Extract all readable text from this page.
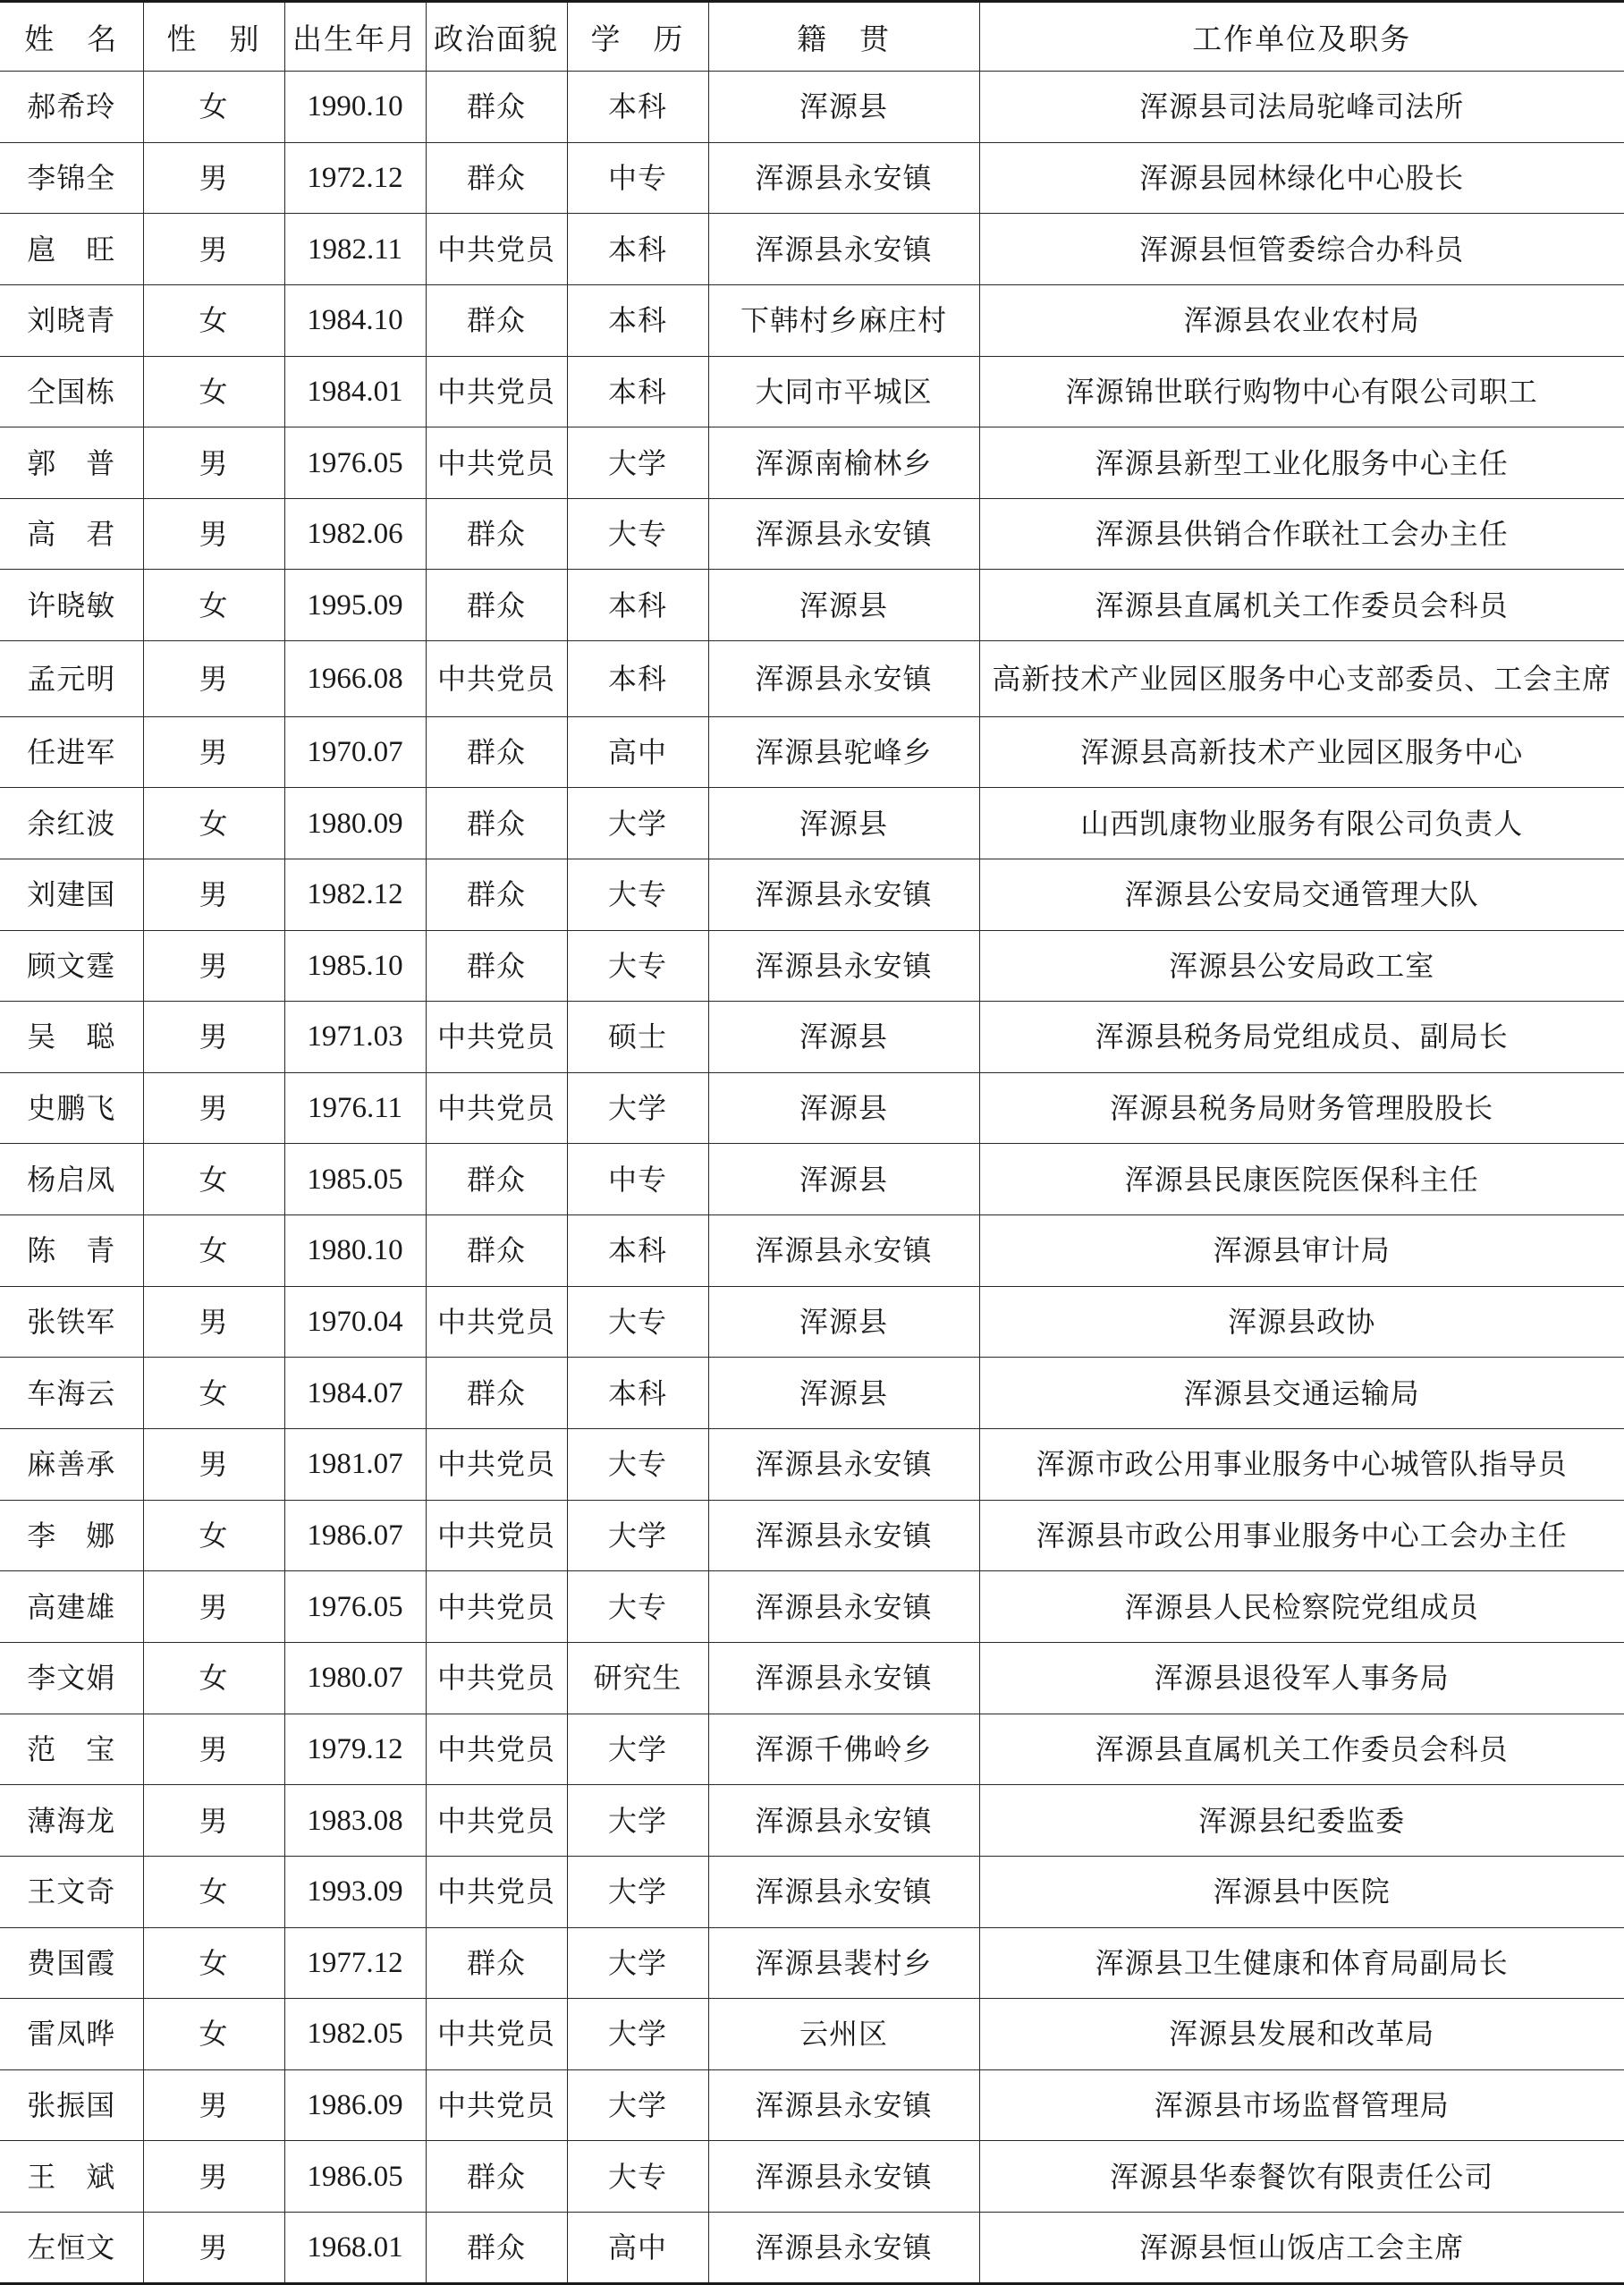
姓　名	性　别	出生年月	政治面貌	学　历	籍　贯	工作单位及职务
郝希玲	女	1990.10	群众	本科	浑源县	浑源县司法局驼峰司法所
李锦全	男	1972.12	群众	中专	浑源县永安镇	浑源县园林绿化中心股长
扈　旺	男	1982.11	中共党员	本科	浑源县永安镇	浑源县恒管委综合办科员
刘晓青	女	1984.10	群众	本科	下韩村乡麻庄村	浑源县农业农村局
仝国栋	女	1984.01	中共党员	本科	大同市平城区	浑源锦世联行购物中心有限公司职工
郭　普	男	1976.05	中共党员	大学	浑源南榆林乡	浑源县新型工业化服务中心主任
高　君	男	1982.06	群众	大专	浑源县永安镇	浑源县供销合作联社工会办主任
许晓敏	女	1995.09	群众	本科	浑源县	浑源县直属机关工作委员会科员
孟元明	男	1966.08	中共党员	本科	浑源县永安镇	高新技术产业园区服务中心支部委员、工会主席
任进军	男	1970.07	群众	高中	浑源县驼峰乡	浑源县高新技术产业园区服务中心
余红波	女	1980.09	群众	大学	浑源县	山西凯康物业服务有限公司负责人
刘建国	男	1982.12	群众	大专	浑源县永安镇	浑源县公安局交通管理大队
顾文霆	男	1985.10	群众	大专	浑源县永安镇	浑源县公安局政工室
吴　聪	男	1971.03	中共党员	硕士	浑源县	浑源县税务局党组成员、副局长
史鹏飞	男	1976.11	中共党员	大学	浑源县	浑源县税务局财务管理股股长
杨启凤	女	1985.05	群众	中专	浑源县	浑源县民康医院医保科主任
陈　青	女	1980.10	群众	本科	浑源县永安镇	浑源县审计局
张铁军	男	1970.04	中共党员	大专	浑源县	浑源县政协
车海云	女	1984.07	群众	本科	浑源县	浑源县交通运输局
麻善承	男	1981.07	中共党员	大专	浑源县永安镇	浑源市政公用事业服务中心城管队指导员
李　娜	女	1986.07	中共党员	大学	浑源县永安镇	浑源县市政公用事业服务中心工会办主任
高建雄	男	1976.05	中共党员	大专	浑源县永安镇	浑源县人民检察院党组成员
李文娟	女	1980.07	中共党员	研究生	浑源县永安镇	浑源县退役军人事务局
范　宝	男	1979.12	中共党员	大学	浑源千佛岭乡	浑源县直属机关工作委员会科员
薄海龙	男	1983.08	中共党员	大学	浑源县永安镇	浑源县纪委监委
王文奇	女	1993.09	中共党员	大学	浑源县永安镇	浑源县中医院
费国霞	女	1977.12	群众	大学	浑源县裴村乡	浑源县卫生健康和体育局副局长
雷凤晔	女	1982.05	中共党员	大学	云州区	浑源县发展和改革局
张振国	男	1986.09	中共党员	大学	浑源县永安镇	浑源县市场监督管理局
王　斌	男	1986.05	群众	大专	浑源县永安镇	浑源县华泰餐饮有限责任公司
左恒文	男	1968.01	群众	高中	浑源县永安镇	浑源县恒山饭店工会主席
